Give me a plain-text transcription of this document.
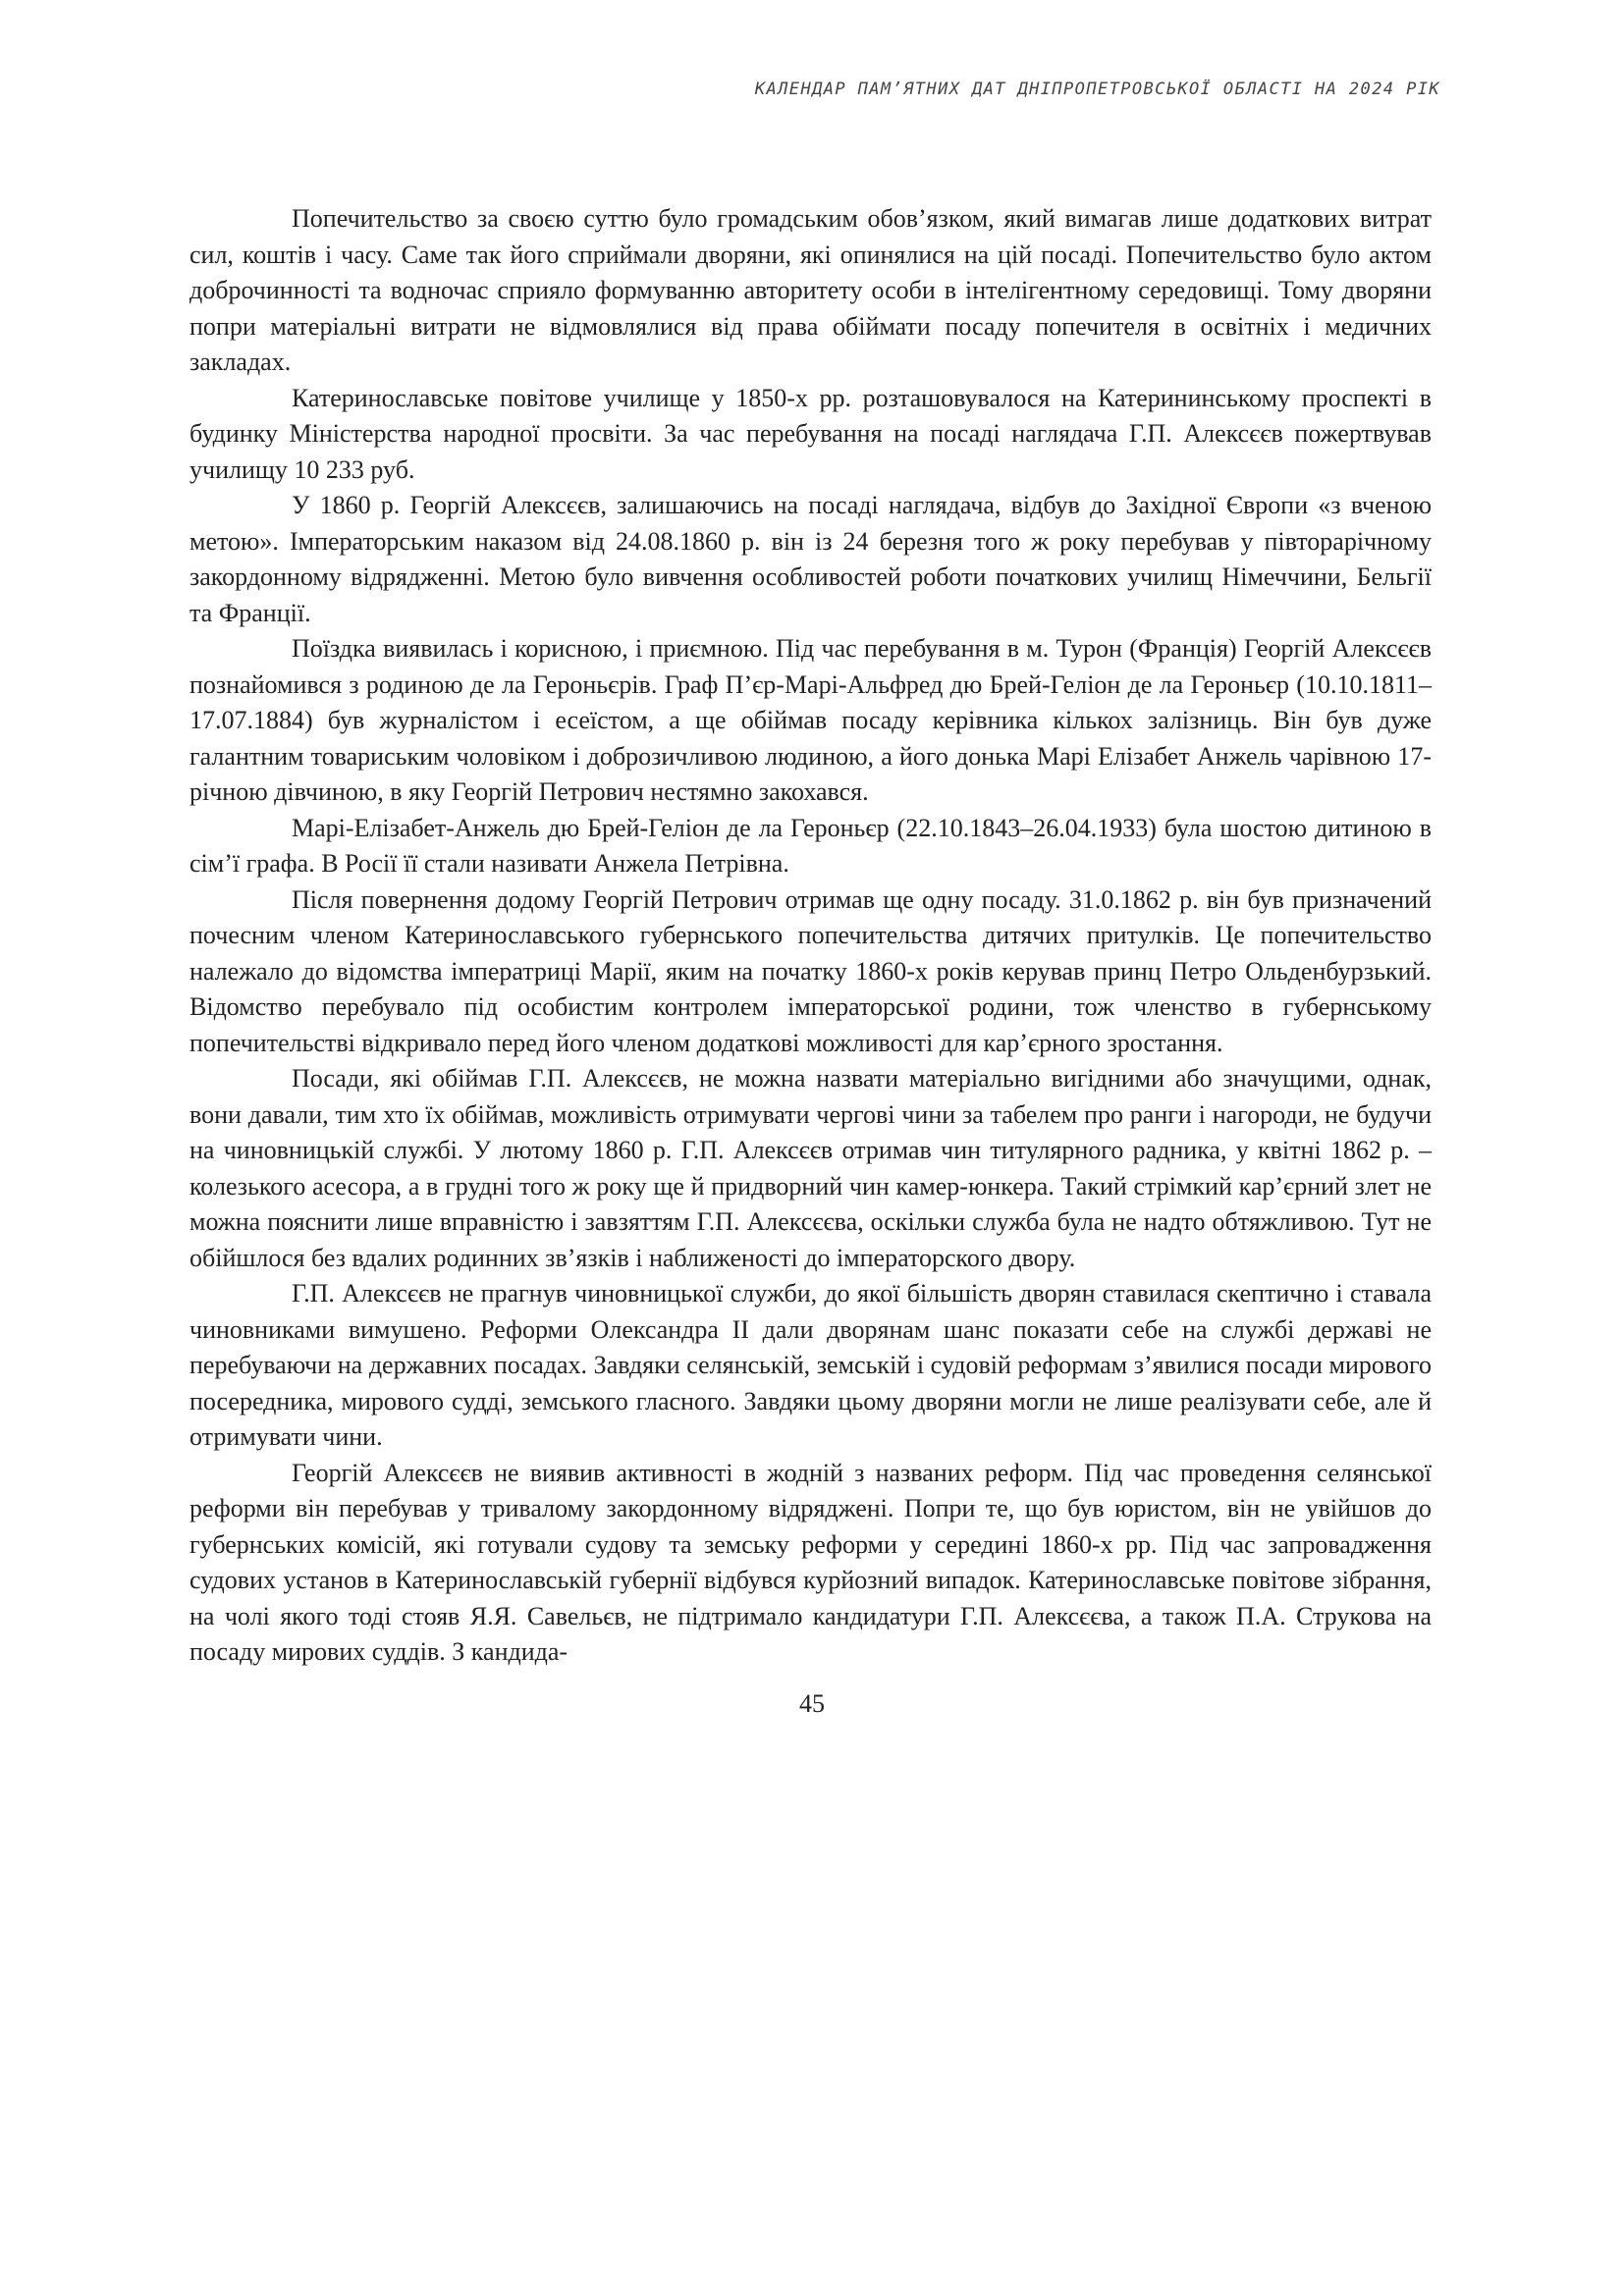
КАЛЕНДАР ПАМ’ЯТНИХ ДАТ ДНІПРОПЕТРОВСЬКОЇ ОБЛАСТІ НА 2024 РІК

Попечительство за своєю суттю було громадським обов’язком, який вимагав лише додаткових витрат сил, коштів і часу. Саме так його сприймали дворяни, які опинялися на цій посаді. Попечительство було актом доброчинності та водночас сприяло формуванню авторитету особи в інтелігентному середовищі. Тому дворяни попри матеріальні витрати не відмовлялися від права обіймати посаду попечителя в освітніх і медичних закладах.

Катеринославське повітове училище у 1850-х рр. розташовувалося на Катерининському проспекті в будинку Міністерства народної просвіти. За час перебування на посаді наглядача Г.П. Алексєєв пожертвував училищу 10 233 руб.

У 1860 р. Георгій Алексєєв, залишаючись на посаді наглядача, відбув до Західної Європи «з вченою метою». Імператорським наказом від 24.08.1860 р. він із 24 березня того ж року перебував у півторарічному закордонному відрядженні. Метою було вивчення особливостей роботи початкових училищ Німеччини, Бельгії та Франції.

Поїздка виявилась і корисною, і приємною. Під час перебування в м. Турон (Франція) Георгій Алексєєв познайомився з родиною де ла Героньєрів. Граф П’єр-Марі-Альфред дю Брей-Геліон де ла Героньєр (10.10.1811–17.07.1884) був журналістом і есеїстом, а ще обіймав посаду керівника кількох залізниць. Він був дуже галантним товариським чоловіком і доброзичливою людиною, а його донька Марі Елізабет Анжель чарівною 17-річною дівчиною, в яку Георгій Петрович нестямно закохався.

Марі-Елізабет-Анжель дю Брей-Геліон де ла Героньєр (22.10.1843–26.04.1933) була шостою дитиною в сім’ї графа. В Росії її стали називати Анжела Петрівна.

Після повернення додому Георгій Петрович отримав ще одну посаду. 31.0.1862 р. він був призначений почесним членом Катеринославського губернського попечительства дитячих притулків. Це попечительство належало до відомства імператриці Марії, яким на початку 1860-х років керував принц Петро Ольденбурзький. Відомство перебувало під особистим контролем імператорської родини, тож членство в губернському попечительстві відкривало перед його членом додаткові можливості для кар’єрного зростання.

Посади, які обіймав Г.П. Алексєєв, не можна назвати матеріально вигідними або значущими, однак, вони давали, тим хто їх обіймав, можливість отримувати чергові чини за табелем про ранги і нагороди, не будучи на чиновницькій службі. У лютому 1860 р. Г.П. Алексєєв отримав чин титулярного радника, у квітні 1862 р. – колезького асесора, а в грудні того ж року ще й придворний чин камер-юнкера. Такий стрімкий кар’єрний злет не можна пояснити лише вправністю і завзяттям Г.П. Алексєєва, оскільки служба була не надто обтяжливою. Тут не обійшлося без вдалих родинних зв’язків і наближеності до імператорского двору.

Г.П. Алексєєв не прагнув чиновницької служби, до якої більшість дворян ставилася скептично і ставала чиновниками вимушено. Реформи Олександра ІІ дали дворянам шанс показати себе на службі державі не перебуваючи на державних посадах. Завдяки селянській, земській і судовій реформам з’явилися посади мирового посередника, мирового судді, земського гласного. Завдяки цьому дворяни могли не лише реалізувати себе, але й отримувати чини.

Георгій Алексєєв не виявив активності в жодній з названих реформ. Під час проведення селянської реформи він перебував у тривалому закордонному відряджені. Попри те, що був юристом, він не увійшов до губернських комісій, які готували судову та земську реформи у середині 1860-х рр. Під час запровадження судових установ в Катеринославській губернії відбувся курйозний випадок. Катеринославське повітове зібрання, на чолі якого тоді стояв Я.Я. Савельєв, не підтримало кандидатури Г.П. Алексєєва, а також П.А. Струкова на посаду мирових суддів. З кандида-

45
